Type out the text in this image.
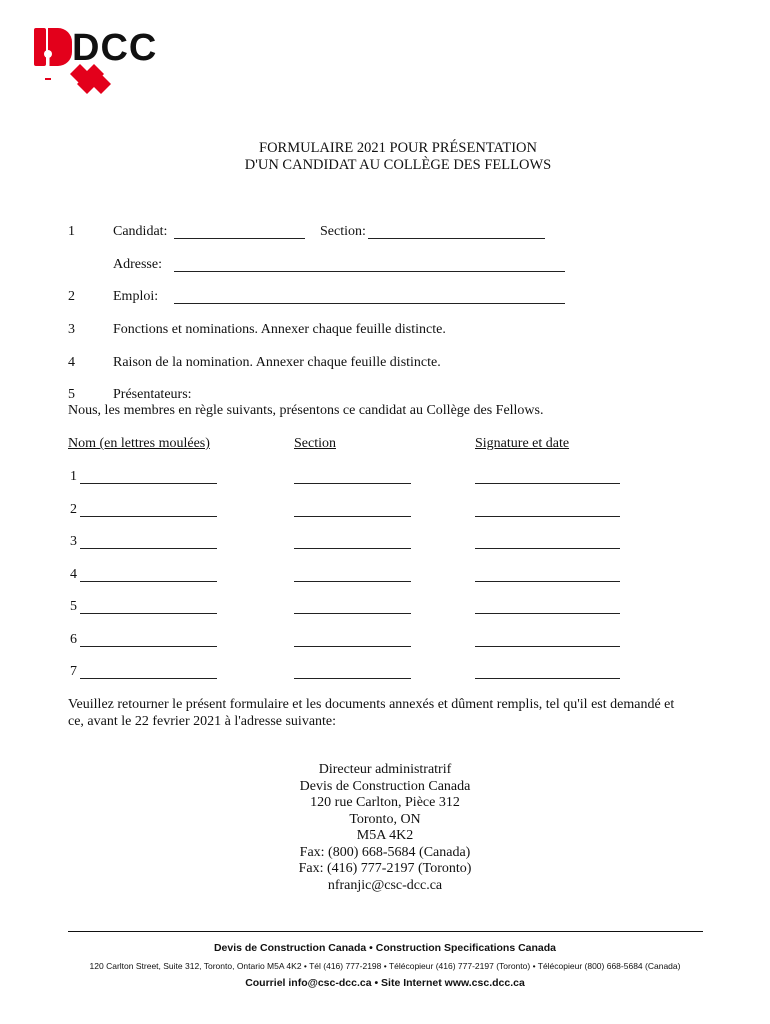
DCC
FORMULAIRE 2021 POUR PRÉSENTATION
D'UN CANDIDAT AU COLLÈGE DES FELLOWS
1	Candidat:	Section:
Adresse:
2	Emploi:
3	Fonctions et nominations. Annexer chaque feuille distincte.
4	Raison de la nomination. Annexer chaque feuille distincte.
5	Présentateurs:
Nous, les membres en règle suivants, présentons ce candidat au Collège des Fellows.
Nom (en lettres moulées)	Section	Signature et date
1
2
3
4
5
6
7
Veuillez retourner le présent formulaire et les documents annexés et dûment remplis, tel qu'il est demandé et
ce, avant le 22 fevrier 2021 à l'adresse suivante:
Directeur administratrif
Devis de Construction Canada
120 rue Carlton, Pièce 312
Toronto, ON
M5A 4K2
Fax: (800) 668-5684 (Canada)
Fax: (416) 777-2197 (Toronto)
nfranjic@csc-dcc.ca
Devis de Construction Canada • Construction Specifications Canada
120 Carlton Street, Suite 312, Toronto, Ontario M5A 4K2 • Tél (416) 777-2198 • Télécopieur (416) 777-2197 (Toronto) • Télécopieur (800) 668-5684 (Canada)
Courriel info@csc-dcc.ca • Site Internet www.csc.dcc.ca
